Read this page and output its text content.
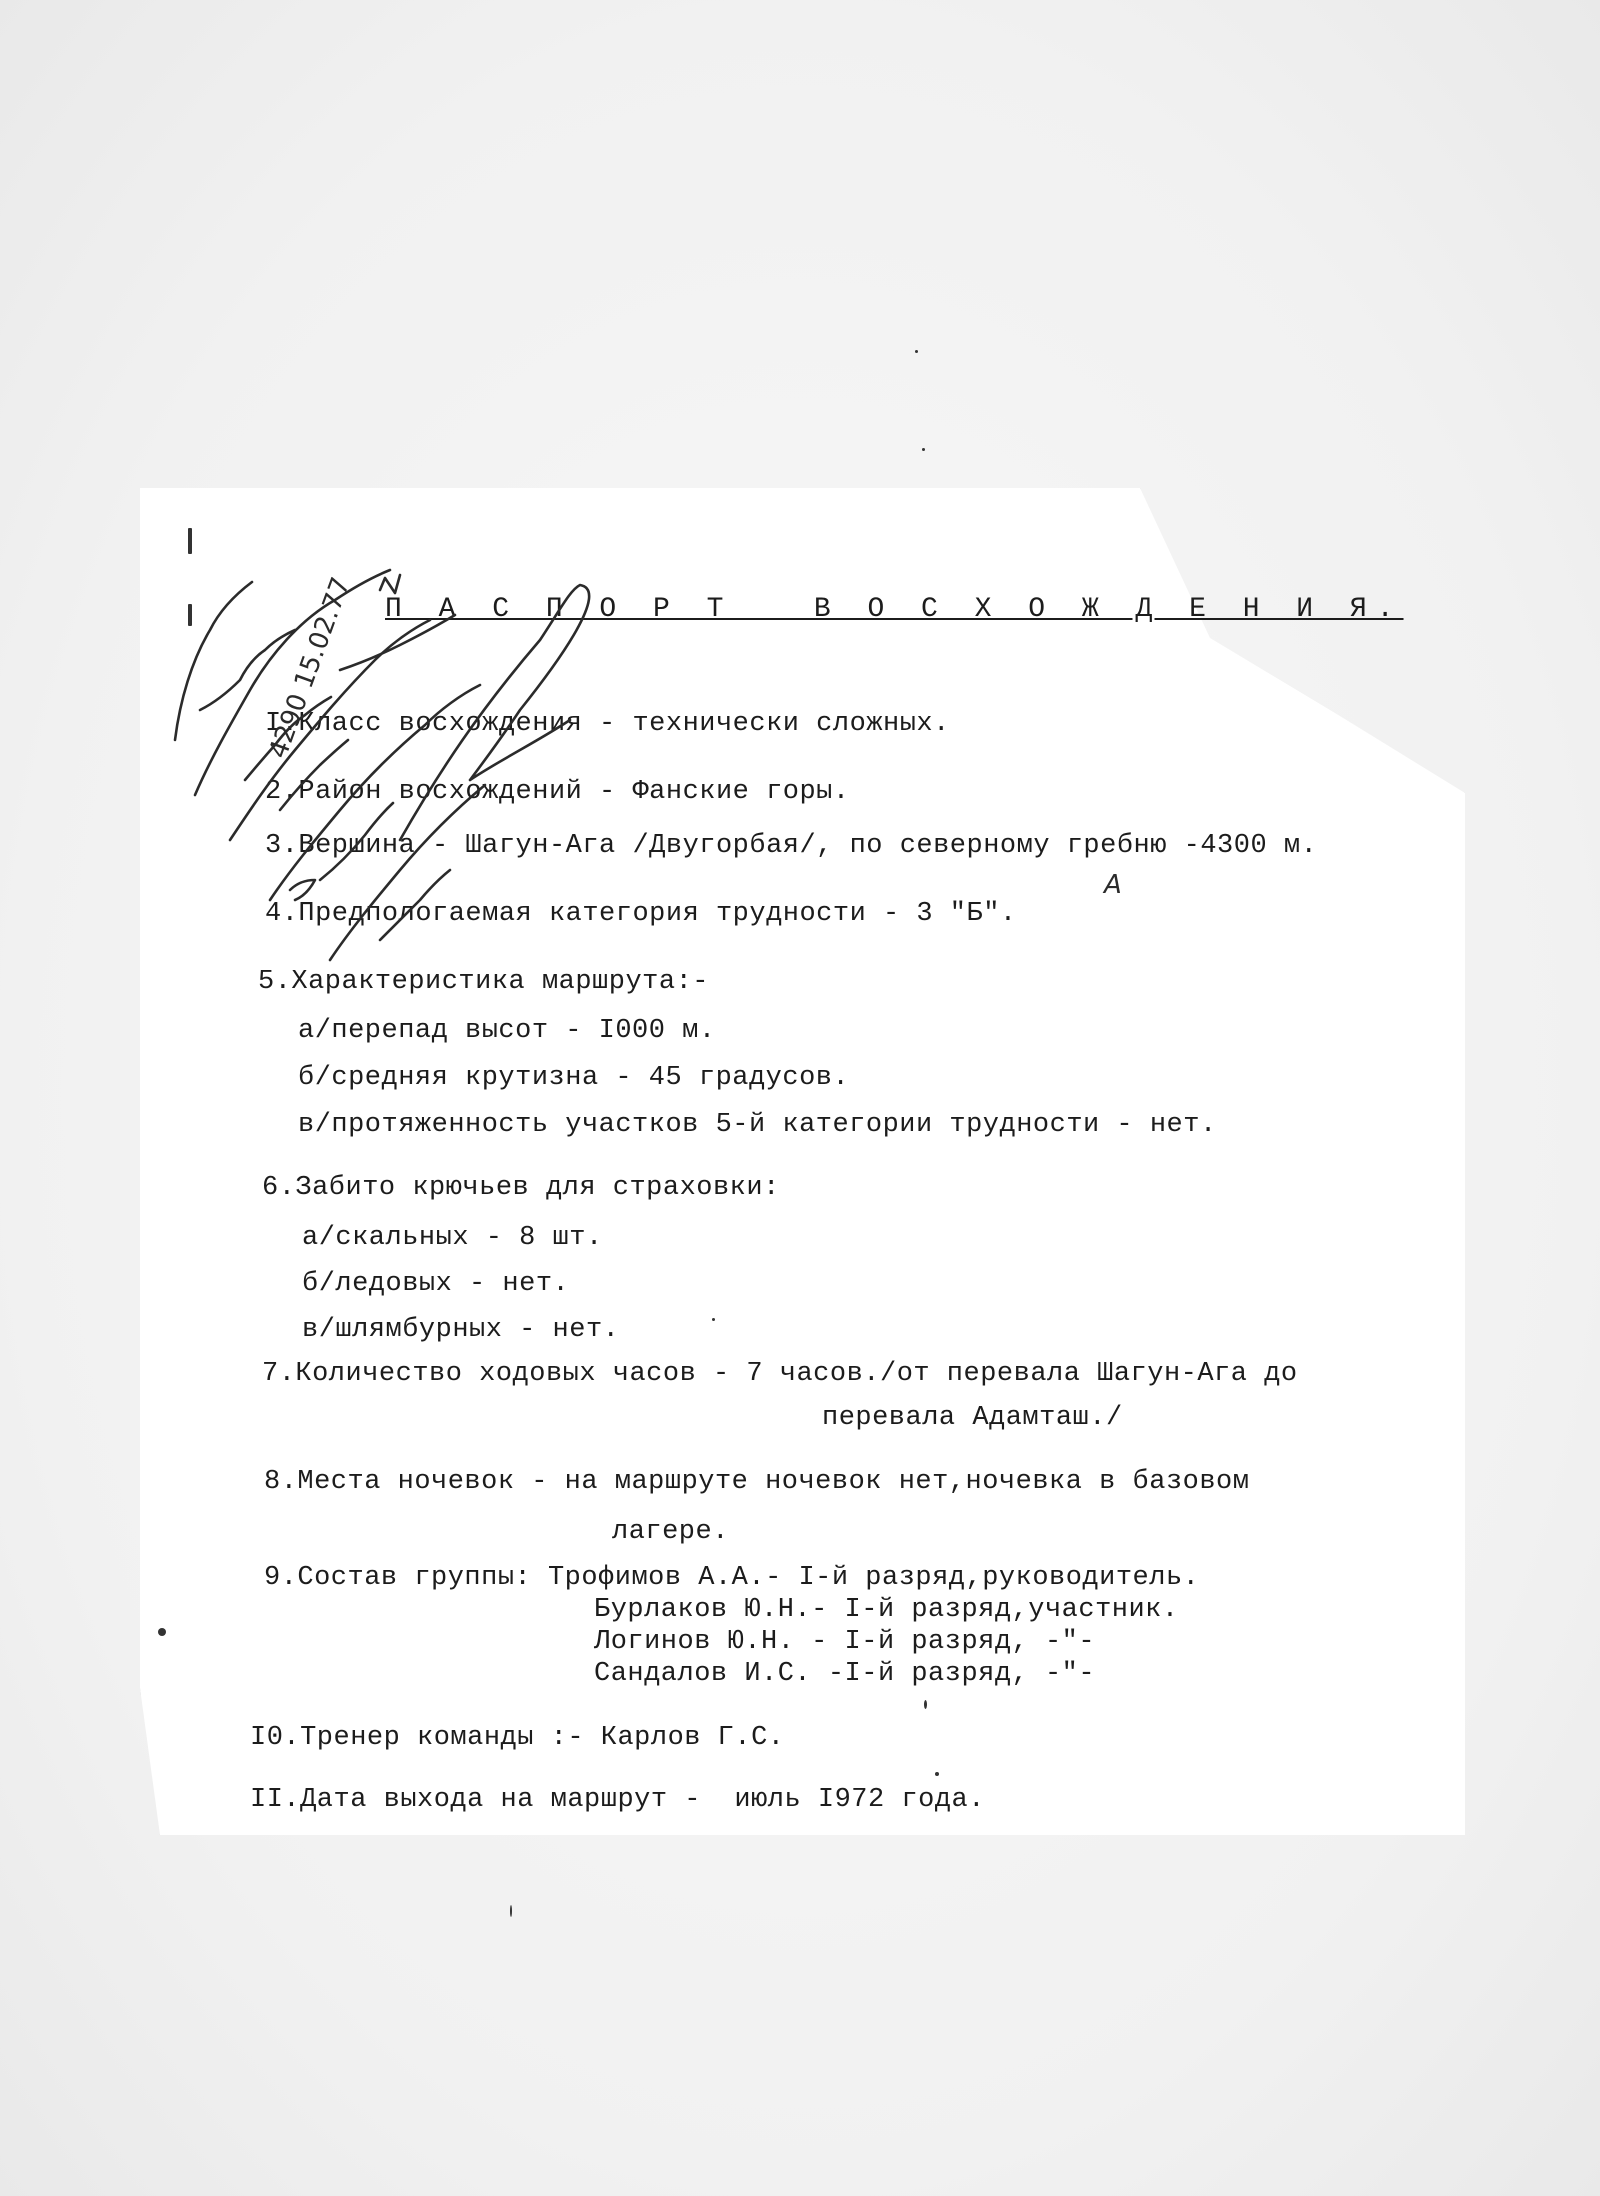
П А С П О Р Т   В О С Х О Ж Д Е Н И Я.
I.Класс восхождения - технически сложных.
2.Район восхождений - Фанские горы.
3.Вершина - Шагун-Ага /Двугорбая/, по северному гребню -4300 м.
4.Предпологаемая категория трудности - 3 "Б".
5.Характеристика маршрута:-
а/перепад высот - I000 м.
б/средняя крутизна - 45 градусов.
в/протяженность участков 5-й категории трудности - нет.
6.Забито крючьев для страховки:
а/скальных - 8 шт.
б/ледовых - нет.
в/шлямбурных - нет.
7.Количество ходовых часов - 7 часов./от перевала Шагун-Ага до
перевала Адамташ./
8.Места ночевок - на маршруте ночевок нет,ночевка в базовом
лагере.
9.Состав группы: Трофимов А.А.- I-й разряд,руководитель.
Бурлаков Ю.Н.- I-й разряд,участник.
Логинов Ю.Н. - I-й разряд, -"-
Сандалов И.С. -I-й разряд, -"-
I0.Тренер команды :- Карлов Г.С.
II.Дата выхода на маршрут -  июль I972 года.
4290 15.02.77
А
